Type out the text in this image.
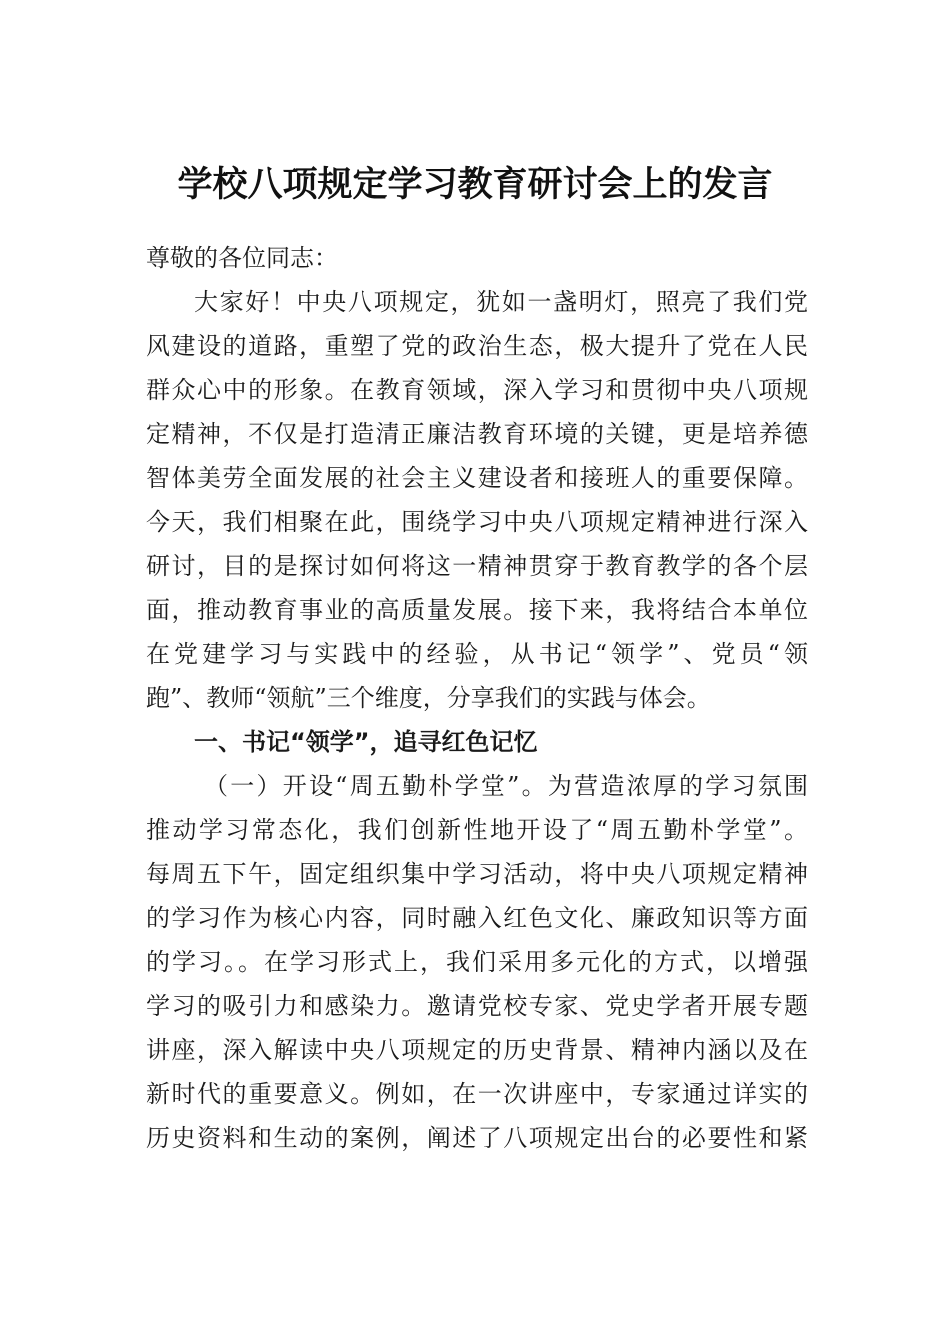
学校八项规定学习教育研讨会上的发言
尊敬的各位同志：
大家好！中央八项规定，犹如一盏明灯，照亮了我们党
风建设的道路，重塑了党的政治生态，极大提升了党在人民
群众心中的形象。在教育领域，深入学习和贯彻中央八项规
定精神，不仅是打造清正廉洁教育环境的关键，更是培养德
智体美劳全面发展的社会主义建设者和接班人的重要保障。
今天，我们相聚在此，围绕学习中央八项规定精神进行深入
研讨，目的是探讨如何将这一精神贯穿于教育教学的各个层
面，推动教育事业的高质量发展。接下来，我将结合本单位
在党建学习与实践中的经验，从书记“领学”、党员“领
跑”、教师“领航”三个维度，分享我们的实践与体会。
一、书记“领学”，追寻红色记忆
（一）开设“周五勤朴学堂”。为营造浓厚的学习氛围
推动学习常态化，我们创新性地开设了“周五勤朴学堂”。
每周五下午，固定组织集中学习活动，将中央八项规定精神
的学习作为核心内容，同时融入红色文化、廉政知识等方面
的学习。。在学习形式上，我们采用多元化的方式，以增强
学习的吸引力和感染力。邀请党校专家、党史学者开展专题
讲座，深入解读中央八项规定的历史背景、精神内涵以及在
新时代的重要意义。例如，在一次讲座中，专家通过详实的
历史资料和生动的案例，阐述了八项规定出台的必要性和紧
